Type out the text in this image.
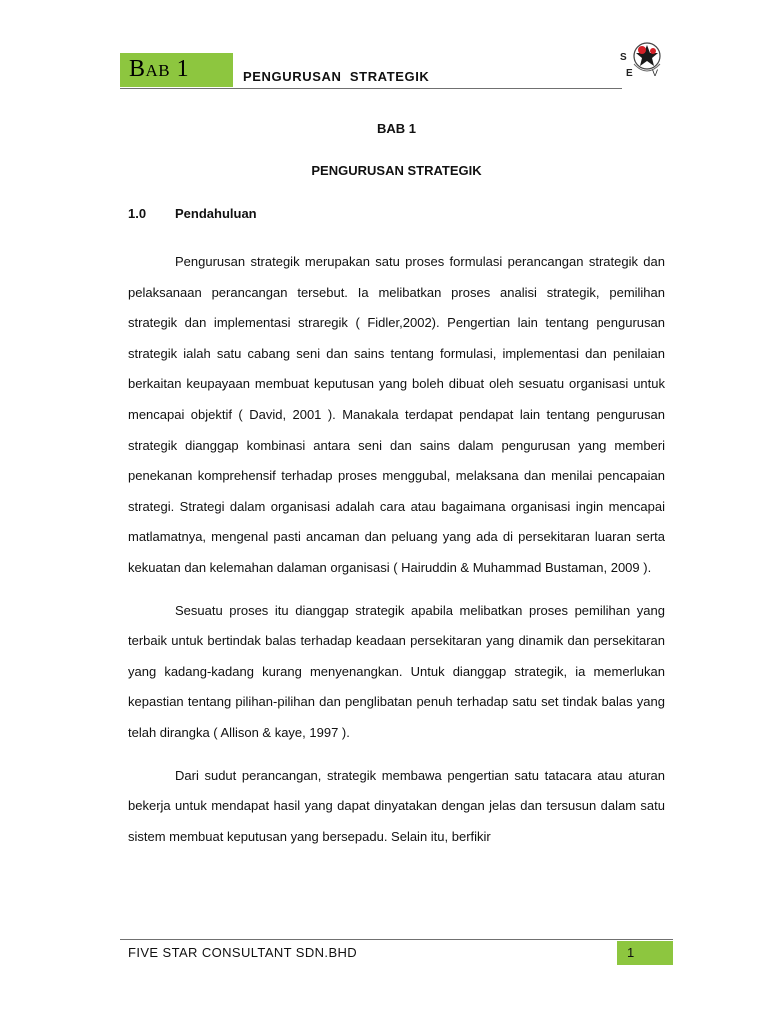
Bab 1	PENGURUSAN  STRATEGIK
S
E V
BAB 1
PENGURUSAN STRATEGIK
1.0 Pendahuluan

Pengurusan strategik merupakan satu proses formulasi perancangan strategik dan pelaksanaan perancangan tersebut. Ia melibatkan proses analisi strategik, pemilihan strategik dan implementasi straregik ( Fidler,2002). Pengertian lain tentang pengurusan strategik ialah satu cabang seni dan sains tentang formulasi, implementasi dan penilaian berkaitan keupayaan membuat keputusan yang boleh dibuat oleh sesuatu organisasi untuk mencapai objektif ( David, 2001 ). Manakala terdapat pendapat lain tentang pengurusan strategik dianggap kombinasi antara seni dan sains dalam pengurusan yang memberi penekanan komprehensif terhadap proses menggubal, melaksana dan menilai pencapaian strategi. Strategi dalam organisasi adalah cara atau bagaimana organisasi ingin mencapai matlamatnya, mengenal pasti ancaman dan peluang yang ada di persekitaran luaran serta kekuatan dan kelemahan dalaman organisasi ( Hairuddin & Muhammad Bustaman, 2009 ).

Sesuatu proses itu dianggap strategik apabila melibatkan proses pemilihan yang terbaik untuk bertindak balas terhadap keadaan persekitaran yang dinamik dan persekitaran yang kadang-kadang kurang menyenangkan. Untuk dianggap strategik, ia memerlukan kepastian tentang pilihan-pilihan dan penglibatan penuh terhadap satu set tindak balas yang telah dirangka ( Allison & kaye, 1997 ).

Dari sudut perancangan, strategik membawa pengertian satu tatacara atau aturan bekerja untuk mendapat hasil yang dapat dinyatakan dengan jelas dan tersusun dalam satu sistem membuat keputusan yang bersepadu. Selain itu, berfikir

FIVE STAR CONSULTANT SDN.BHD	1
